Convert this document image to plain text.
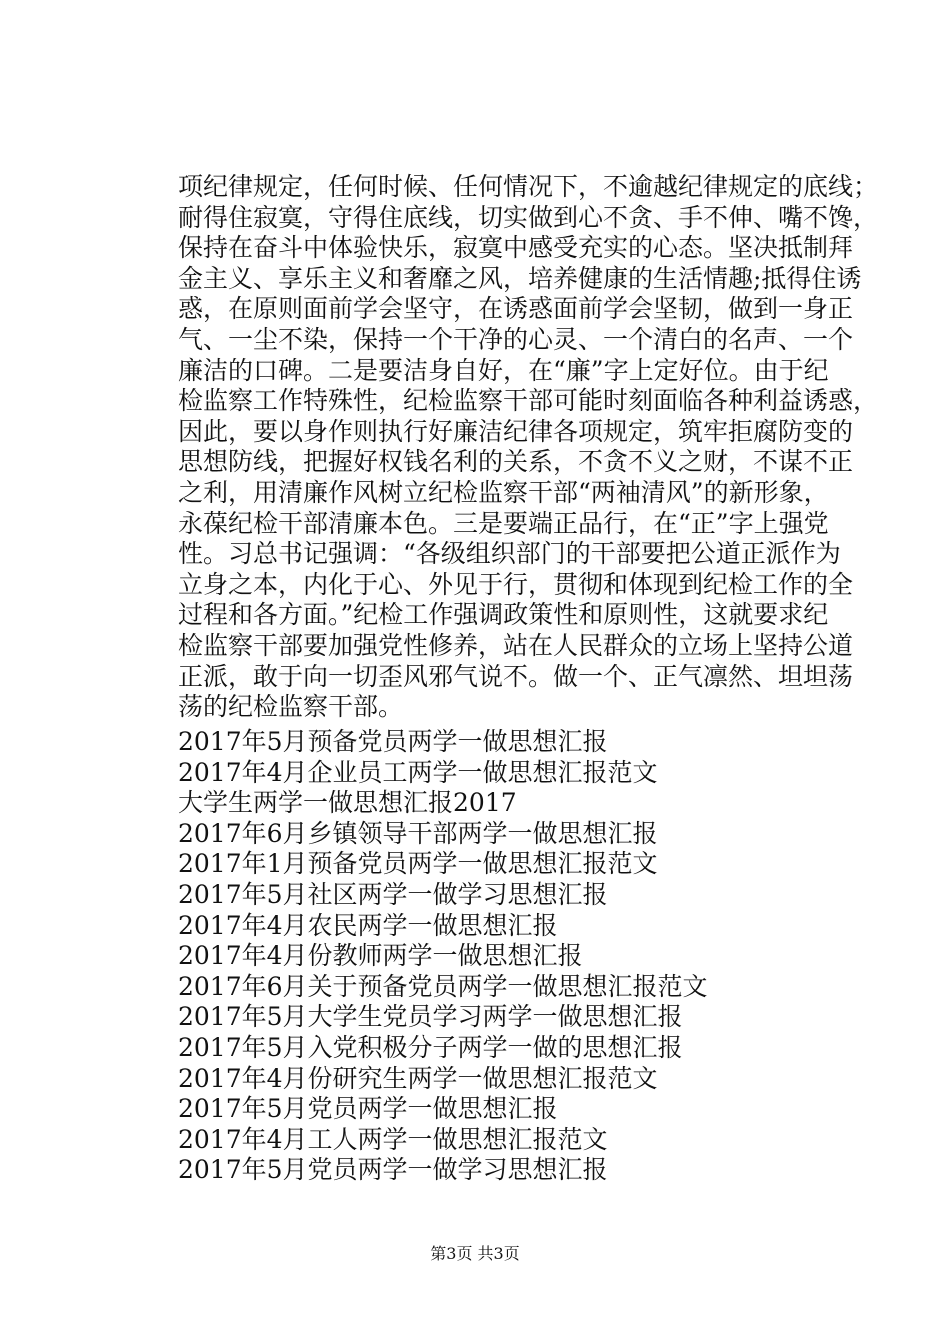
项纪律规定，任何时候、任何情况下，不逾越纪律规定的底线；
耐得住寂寞，守得住底线，切实做到心不贪、手不伸、嘴不馋，
保持在奋斗中体验快乐，寂寞中感受充实的心态。坚决抵制拜
金主义、享乐主义和奢靡之风，培养健康的生活情趣;抵得住诱
惑，在原则面前学会坚守，在诱惑面前学会坚韧，做到一身正
气、一尘不染，保持一个干净的心灵、一个清白的名声、一个
廉洁的口碑。二是要洁身自好，在“廉”字上定好位。由于纪
检监察工作特殊性，纪检监察干部可能时刻面临各种利益诱惑，
因此，要以身作则执行好廉洁纪律各项规定，筑牢拒腐防变的
思想防线，把握好权钱名利的关系，不贪不义之财，不谋不正
之利，用清廉作风树立纪检监察干部“两袖清风”的新形象，
永葆纪检干部清廉本色。三是要端正品行，在“正”字上强党
性。习总书记强调：“各级组织部门的干部要把公道正派作为
立身之本，内化于心、外见于行，贯彻和体现到纪检工作的全
过程和各方面。”纪检工作强调政策性和原则性，这就要求纪
检监察干部要加强党性修养，站在人民群众的立场上坚持公道
正派，敢于向一切歪风邪气说不。做一个、正气凛然、坦坦荡
荡的纪检监察干部。
2017年5月预备党员两学一做思想汇报
2017年4月企业员工两学一做思想汇报范文
大学生两学一做思想汇报2017
2017年6月乡镇领导干部两学一做思想汇报
2017年1月预备党员两学一做思想汇报范文
2017年5月社区两学一做学习思想汇报
2017年4月农民两学一做思想汇报
2017年4月份教师两学一做思想汇报
2017年6月关于预备党员两学一做思想汇报范文
2017年5月大学生党员学习两学一做思想汇报
2017年5月入党积极分子两学一做的思想汇报
2017年4月份研究生两学一做思想汇报范文
2017年5月党员两学一做思想汇报
2017年4月工人两学一做思想汇报范文
2017年5月党员两学一做学习思想汇报
第3页 共3页
